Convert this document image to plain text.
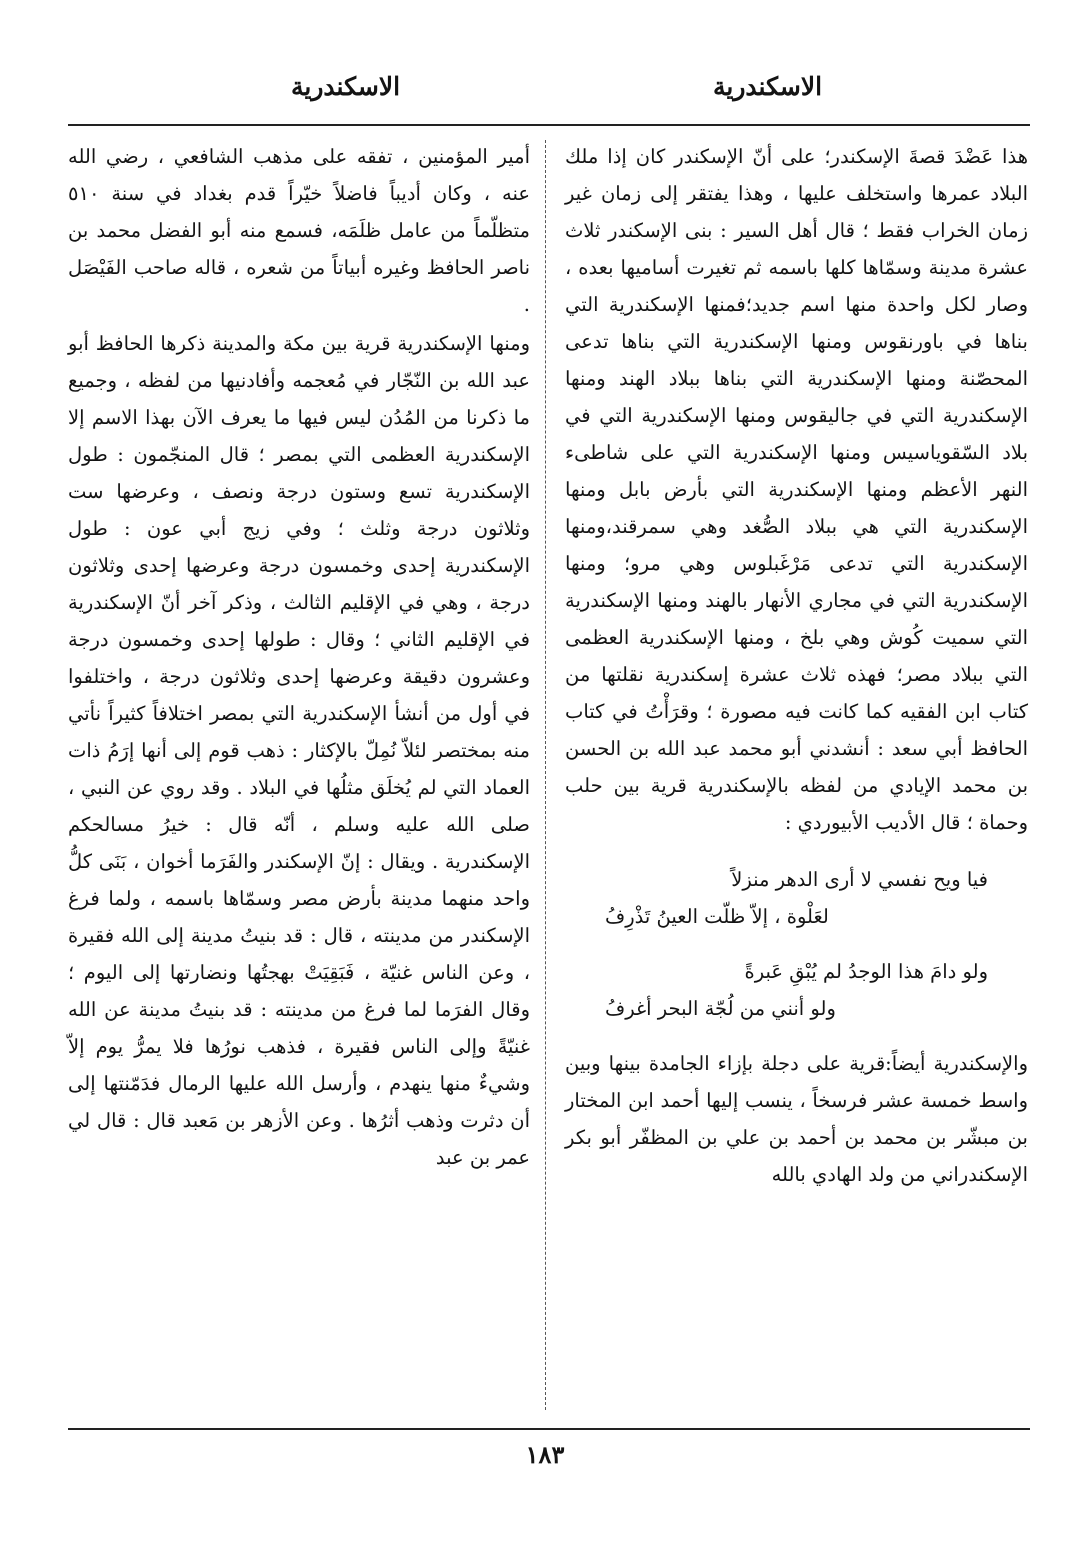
الاسكندرية
الاسكندرية

هذا عَضْدَ قصةَ الإسكندر؛ على أنّ الإسكندر كان إذا ملك البلاد عمرها واستخلف عليها ، وهذا يفتقر إلى زمان غير زمان الخراب فقط ؛ قال أهل السير : بنى الإسكندر ثلاث عشرة مدينة وسمّاها كلها باسمه ثم تغيرت أساميها بعده ، وصار لكل واحدة منها اسم جديد؛فمنها الإسكندرية التي بناها في باورنقوس ومنها الإسكندرية التي بناها تدعى المحصّنة ومنها الإسكندرية التي بناها ببلاد الهند ومنها الإسكندرية التي في جاليقوس ومنها الإسكندرية التي في بلاد السّقوياسيس ومنها الإسكندرية التي على شاطىء النهر الأعظم ومنها الإسكندرية التي بأرض بابل ومنها الإسكندرية التي هي ببلاد الصُّغد وهي سمرقند،ومنها الإسكندرية التي تدعى مَرْغَبلوس وهي مرو؛ ومنها الإسكندرية التي في مجاري الأنهار بالهند ومنها الإسكندرية التي سميت كُوش وهي بلخ ، ومنها الإسكندرية العظمى التي ببلاد مصر؛ فهذه ثلاث عشرة إسكندرية نقلتها من كتاب ابن الفقيه كما كانت فيه مصورة ؛ وقرَأْتُ في كتاب الحافظ أبي سعد : أنشدني أبو محمد عبد الله بن الحسن بن محمد الإيادي من لفظه بالإسكندرية قرية بين حلب وحماة ؛ قال الأديب الأبيوردي :

فيا ويح نفسي لا أرى الدهر منزلاً
لعَلْوة ، إلاّ ظلّت العينُ تَذْرِفُ
ولو دامَ هذا الوجدُ لم يُبْقِ عَبرةً
ولو أنني من لُجّة البحر أغرفُ

والإسكندرية أيضاً:قرية على دجلة بإزاء الجامدة بينها وبين واسط خمسة عشر فرسخاً ، ينسب إليها أحمد ابن المختار بن مبشّر بن محمد بن أحمد بن علي بن المظفّر أبو بكر الإسكندراني من ولد الهادي بالله

أمير المؤمنين ، تفقه على مذهب الشافعي ، رضي الله عنه ، وكان أديباً فاضلاً خيّراً قدم بغداد في سنة ٥١٠ متظلّماً من عامل ظلَمَه، فسمع منه أبو الفضل محمد بن ناصر الحافظ وغيره أبياتاً من شعره ، قاله صاحب الفَيْصَل .

ومنها الإسكندرية قرية بين مكة والمدينة ذكرها الحافظ أبو عبد الله بن النّجّار في مُعجمه وأفادنيها من لفظه ، وجميع ما ذكرنا من المُدُن ليس فيها ما يعرف الآن بهذا الاسم إلا الإسكندرية العظمى التي بمصر ؛ قال المنجّمون : طول الإسكندرية تسع وستون درجة ونصف ، وعرضها ست وثلاثون درجة وثلث ؛ وفي زيج أبي عون : طول الإسكندرية إحدى وخمسون درجة وعرضها إحدى وثلاثون درجة ، وهي في الإقليم الثالث ، وذكر آخر أنّ الإسكندرية في الإقليم الثاني ؛ وقال : طولها إحدى وخمسون درجة وعشرون دقيقة وعرضها إحدى وثلاثون درجة ، واختلفوا في أول من أنشأ الإسكندرية التي بمصر اختلافاً كثيراً نأتي منه بمختصر لئلاّ نُمِلّ بالإكثار : ذهب قوم إلى أنها إرَمُ ذات العماد التي لم يُخلَق مثلُها في البلاد . وقد روي عن النبي ، صلى الله عليه وسلم ، أنّه قال : خيرُ مسالحكم الإسكندرية . ويقال : إنّ الإسكندر والفَرَما أخوان ، بَنَى كلُّ واحد منهما مدينة بأرض مصر وسمّاها باسمه ، ولما فرغ الإسكندر من مدينته ، قال : قد بنيتُ مدينة إلى الله فقيرة ، وعن الناس غنيّة ، فَبَقِيَتْ بهجتُها ونضارتها إلى اليوم ؛ وقال الفرَما لما فرغ من مدينته : قد بنيتُ مدينة عن الله غنيّةً وإلى الناس فقيرة ، فذهب نورُها فلا يمرُّ يوم إلاّ وشيءٌ منها ينهدم ، وأرسل الله عليها الرمال فدَمّنتها إلى أن دثرت وذهب أثرُها . وعن الأزهر بن مَعبد قال : قال لي عمر بن عبد

١٨٣
